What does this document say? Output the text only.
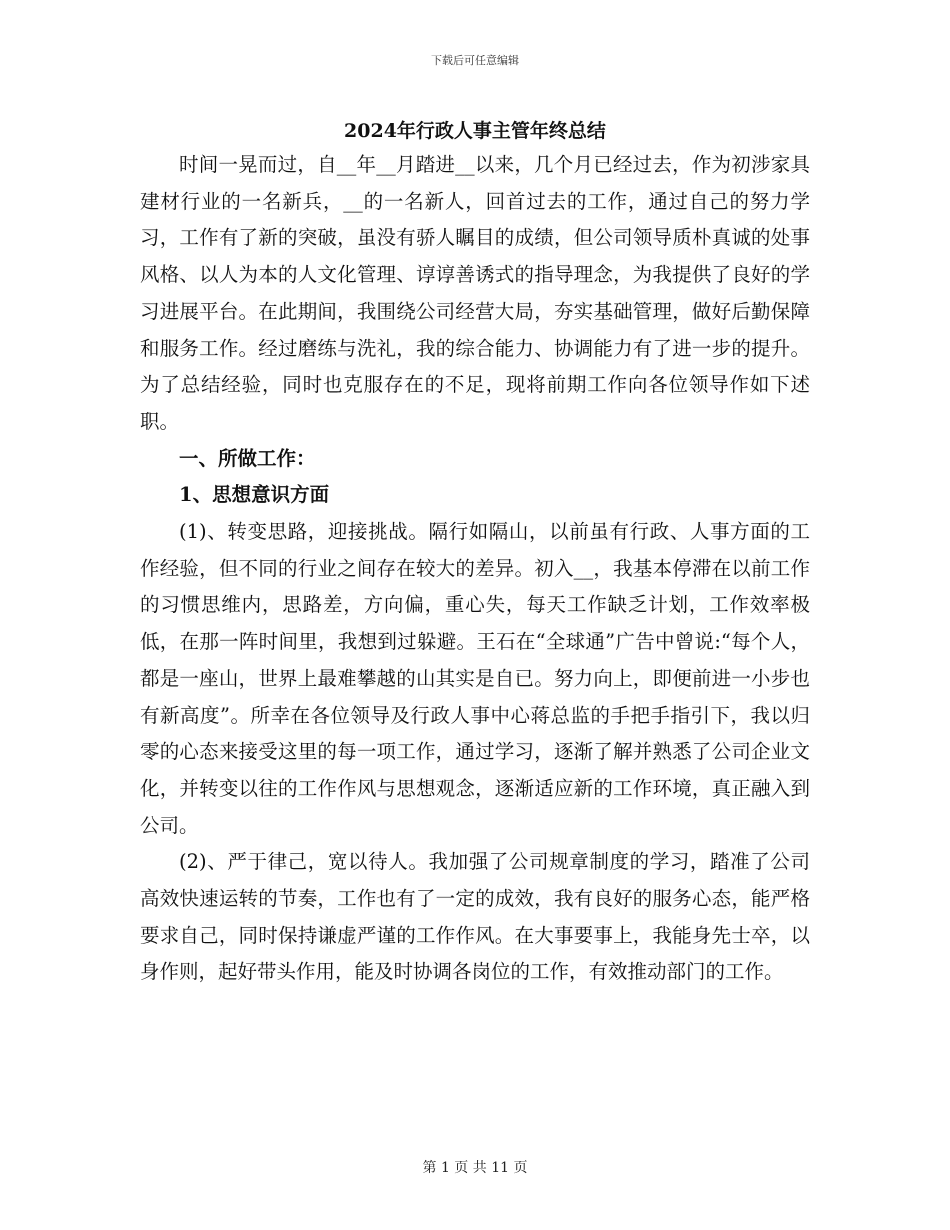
下载后可任意编辑
2024年行政人事主管年终总结

时间一晃而过，自__年__月踏进__以来，几个月已经过去，作为初涉家具建材行业的一名新兵，__的一名新人，回首过去的工作，通过自己的努力学习，工作有了新的突破，虽没有骄人瞩目的成绩，但公司领导质朴真诚的处事风格、以人为本的人文化管理、谆谆善诱式的指导理念，为我提供了良好的学习进展平台。在此期间，我围绕公司经营大局，夯实基础管理，做好后勤保障和服务工作。经过磨练与洗礼，我的综合能力、协调能力有了进一步的提升。为了总结经验，同时也克服存在的不足，现将前期工作向各位领导作如下述职。

一、所做工作：

1、思想意识方面

(1)、转变思路，迎接挑战。隔行如隔山，以前虽有行政、人事方面的工作经验，但不同的行业之间存在较大的差异。初入__，我基本停滞在以前工作的习惯思维内，思路差，方向偏，重心失，每天工作缺乏计划，工作效率极低，在那一阵时间里，我想到过躲避。王石在“全球通”广告中曾说:“每个人，都是一座山，世界上最难攀越的山其实是自已。努力向上，即便前进一小步也有新高度”。所幸在各位领导及行政人事中心蒋总监的手把手指引下，我以归零的心态来接受这里的每一项工作，通过学习，逐渐了解并熟悉了公司企业文化，并转变以往的工作作风与思想观念，逐渐适应新的工作环境，真正融入到公司。

(2)、严于律己，宽以待人。我加强了公司规章制度的学习，踏准了公司高效快速运转的节奏，工作也有了一定的成效，我有良好的服务心态，能严格要求自己，同时保持谦虚严谨的工作作风。在大事要事上，我能身先士卒，以身作则，起好带头作用，能及时协调各岗位的工作，有效推动部门的工作。

第 1 页 共 11 页
